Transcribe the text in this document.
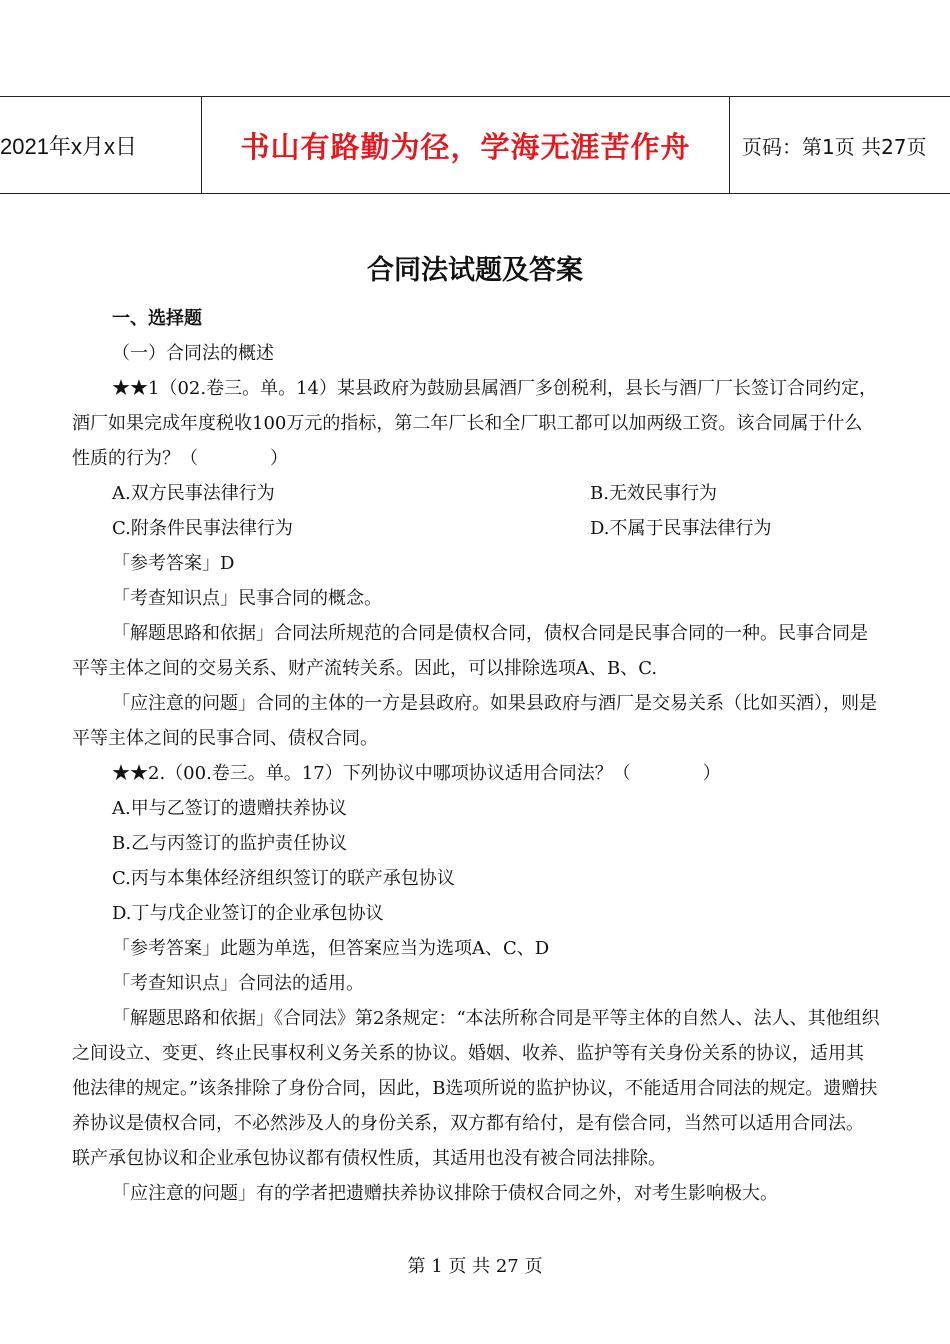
2021年x月x日	书山有路勤为径，学海无涯苦作舟	页码：第1页 共27页
合同法试题及答案

一、选择题

（一）合同法的概述

★★1（02.卷三。单。14）某县政府为鼓励县属酒厂多创税利，县长与酒厂厂长签订合同约定，酒厂如果完成年度税收100万元的指标，第二年厂长和全厂职工都可以加两级工资。该合同属于什么性质的行为？（　　　　）

A.双方民事法律行为	B.无效民事行为
C.附条件民事法律行为	D.不属于民事法律行为

「参考答案」D

「考查知识点」民事合同的概念。

「解题思路和依据」合同法所规范的合同是债权合同，债权合同是民事合同的一种。民事合同是平等主体之间的交易关系、财产流转关系。因此，可以排除选项A、B、C.

「应注意的问题」合同的主体的一方是县政府。如果县政府与酒厂是交易关系（比如买酒），则是平等主体之间的民事合同、债权合同。

★★2.（00.卷三。单。17）下列协议中哪项协议适用合同法？（　　　　）

A.甲与乙签订的遗赠扶养协议

B.乙与丙签订的监护责任协议

C.丙与本集体经济组织签订的联产承包协议

D.丁与戊企业签订的企业承包协议

「参考答案」此题为单选，但答案应当为选项A、C、D

「考查知识点」合同法的适用。

「解题思路和依据」《合同法》第2条规定：“本法所称合同是平等主体的自然人、法人、其他组织之间设立、变更、终止民事权利义务关系的协议。婚姻、收养、监护等有关身份关系的协议，适用其他法律的规定。”该条排除了身份合同，因此，B选项所说的监护协议，不能适用合同法的规定。遗赠扶养协议是债权合同，不必然涉及人的身份关系，双方都有给付，是有偿合同，当然可以适用合同法。联产承包协议和企业承包协议都有债权性质，其适用也没有被合同法排除。

「应注意的问题」有的学者把遗赠扶养协议排除于债权合同之外，对考生影响极大。

第 1 页 共 27 页
